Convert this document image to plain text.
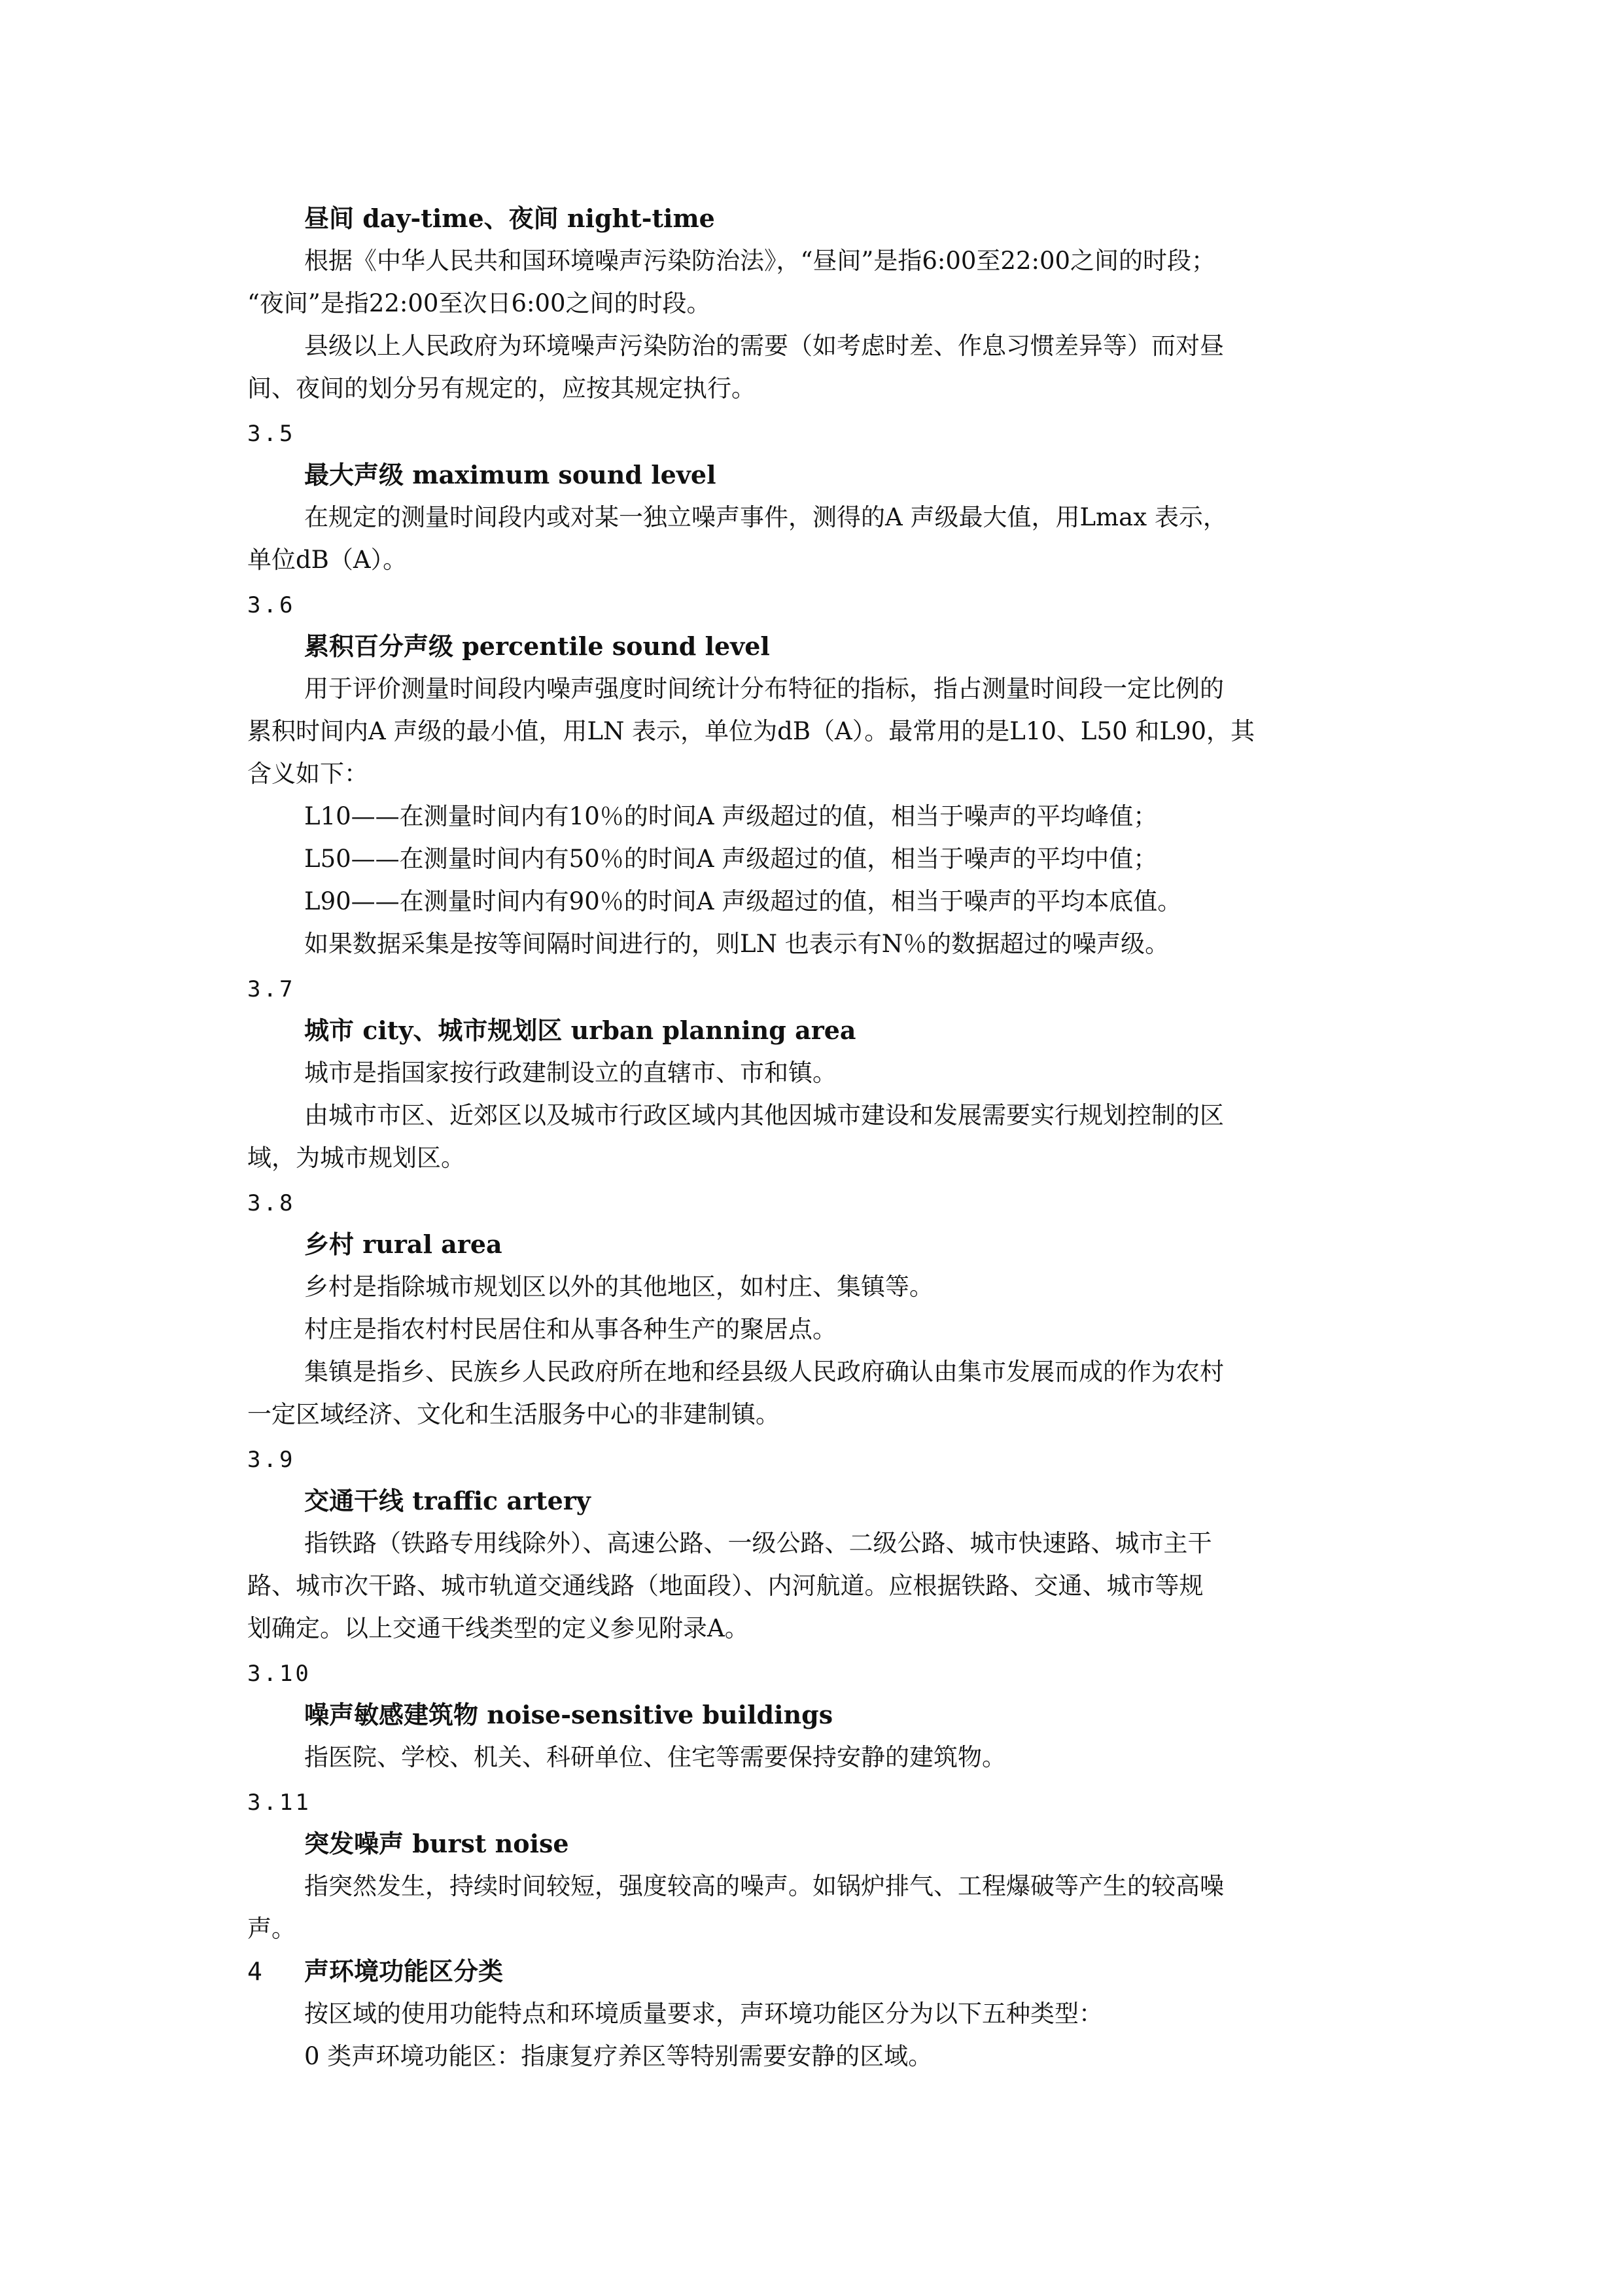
昼间 day-time、夜间 night-time
根据《中华人民共和国环境噪声污染防治法》，“昼间”是指6:00至22:00之间的时段；
“夜间”是指22:00至次日6:00之间的时段。
县级以上人民政府为环境噪声污染防治的需要（如考虑时差、作息习惯差异等）而对昼
间、夜间的划分另有规定的，应按其规定执行。
3.5
最大声级 maximum sound level
在规定的测量时间段内或对某一独立噪声事件，测得的A 声级最大值，用Lmax 表示，
单位dB（A）。
3.6
累积百分声级 percentile sound level
用于评价测量时间段内噪声强度时间统计分布特征的指标，指占测量时间段一定比例的
累积时间内A 声级的最小值，用LN 表示，单位为dB（A）。最常用的是L10、L50 和L90，其
含义如下：
L10——在测量时间内有10％的时间A 声级超过的值，相当于噪声的平均峰值；
L50——在测量时间内有50％的时间A 声级超过的值，相当于噪声的平均中值；
L90——在测量时间内有90％的时间A 声级超过的值，相当于噪声的平均本底值。
如果数据采集是按等间隔时间进行的，则LN 也表示有N％的数据超过的噪声级。
3.7
城市 city、城市规划区 urban planning area
城市是指国家按行政建制设立的直辖市、市和镇。
由城市市区、近郊区以及城市行政区域内其他因城市建设和发展需要实行规划控制的区
域，为城市规划区。
3.8
乡村 rural area
乡村是指除城市规划区以外的其他地区，如村庄、集镇等。
村庄是指农村村民居住和从事各种生产的聚居点。
集镇是指乡、民族乡人民政府所在地和经县级人民政府确认由集市发展而成的作为农村
一定区域经济、文化和生活服务中心的非建制镇。
3.9
交通干线 traffic artery
指铁路（铁路专用线除外）、高速公路、一级公路、二级公路、城市快速路、城市主干
路、城市次干路、城市轨道交通线路（地面段）、内河航道。应根据铁路、交通、城市等规
划确定。以上交通干线类型的定义参见附录A。
3.10
噪声敏感建筑物 noise-sensitive buildings
指医院、学校、机关、科研单位、住宅等需要保持安静的建筑物。
3.11
突发噪声 burst noise
指突然发生，持续时间较短，强度较高的噪声。如锅炉排气、工程爆破等产生的较高噪
声。
4 声环境功能区分类
按区域的使用功能特点和环境质量要求，声环境功能区分为以下五种类型：
0 类声环境功能区：指康复疗养区等特别需要安静的区域。
